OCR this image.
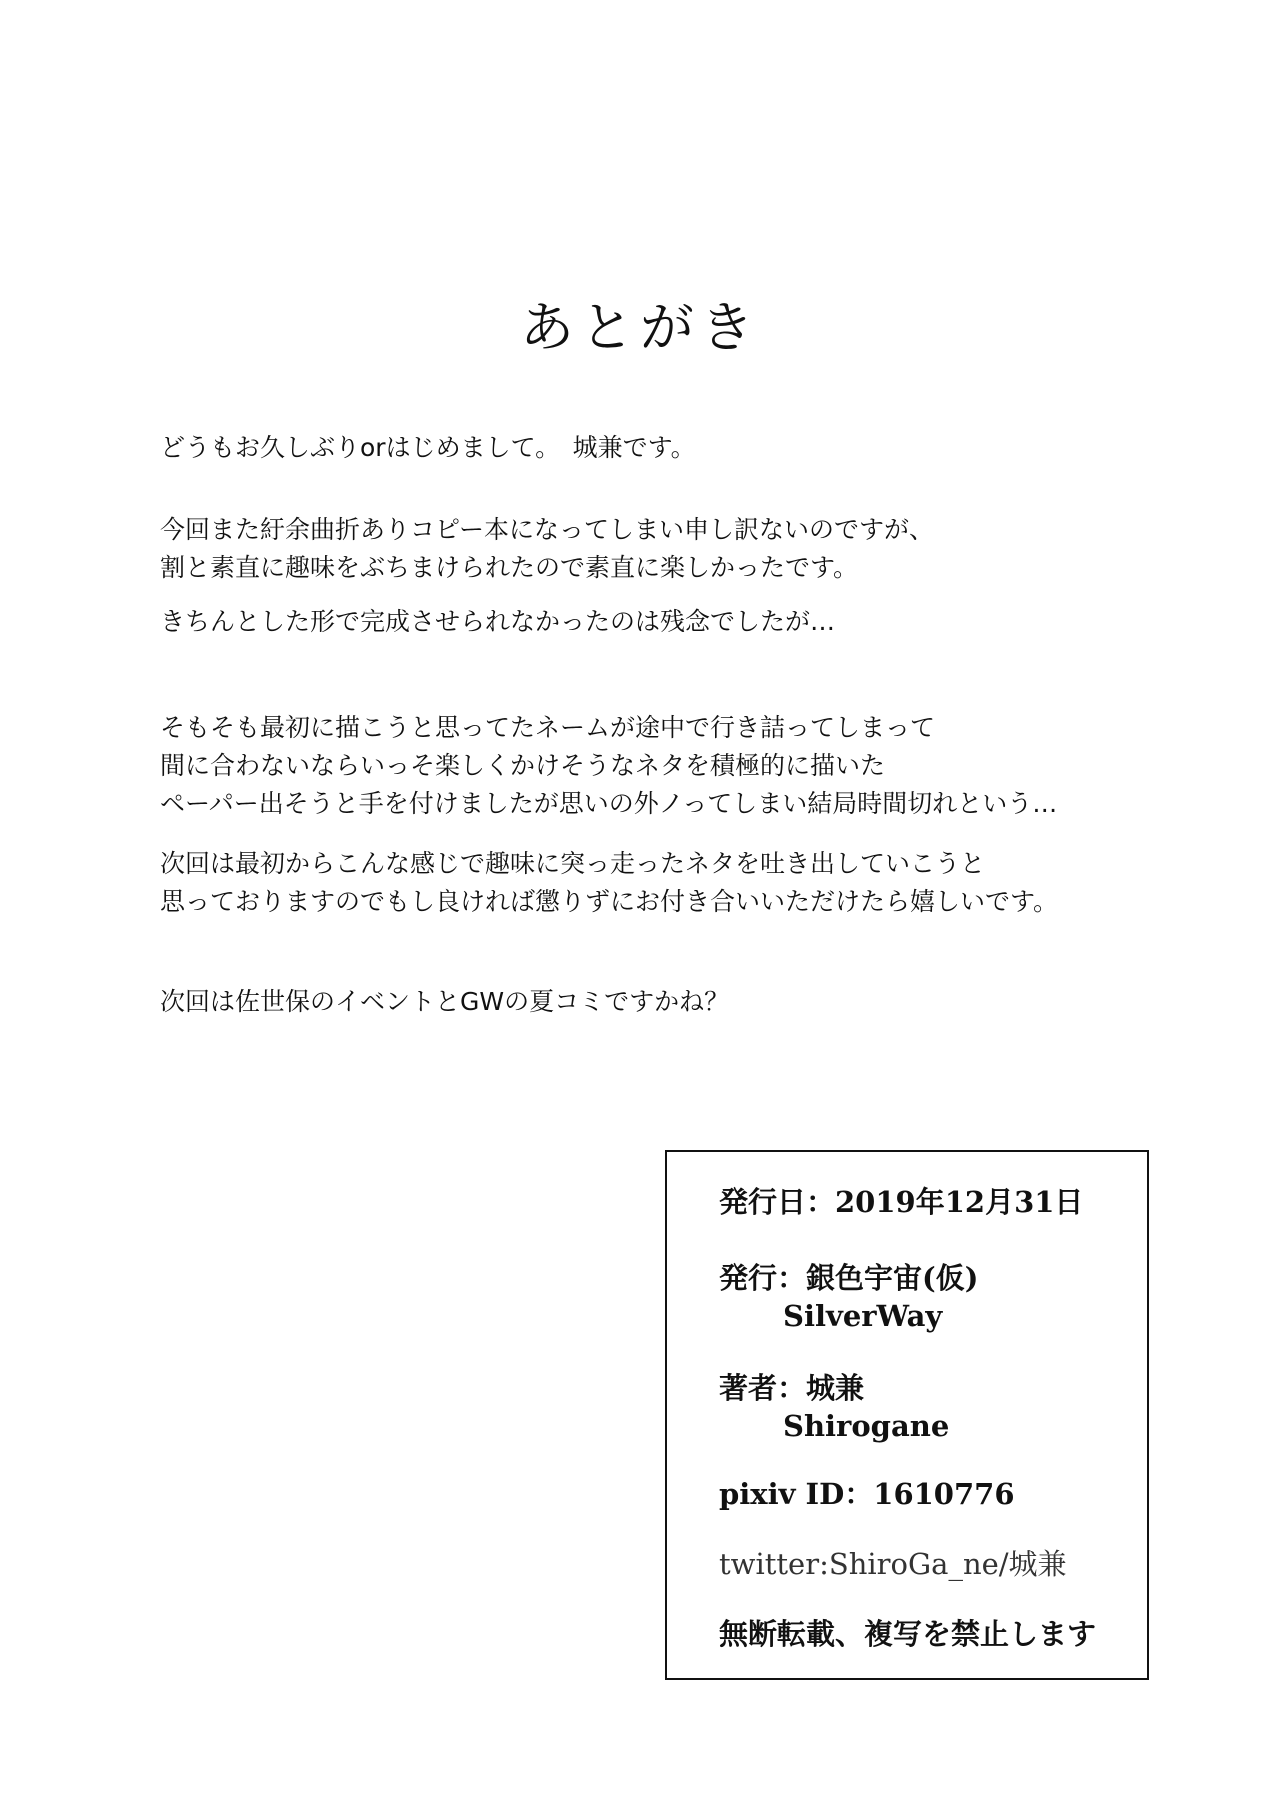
あとがき
どうもお久しぶりorはじめまして。　城兼です。
今回また紆余曲折ありコピー本になってしまい申し訳ないのですが、
割と素直に趣味をぶちまけられたので素直に楽しかったです。
きちんとした形で完成させられなかったのは残念でしたが…
そもそも最初に描こうと思ってたネームが途中で行き詰ってしまって
間に合わないならいっそ楽しくかけそうなネタを積極的に描いた
ペーパー出そうと手を付けましたが思いの外ノってしまい結局時間切れという…
次回は最初からこんな感じで趣味に突っ走ったネタを吐き出していこうと
思っておりますのでもし良ければ懲りずにお付き合いいただけたら嬉しいです。
次回は佐世保のイベントとGWの夏コミですかね？
発行日：2019年12月31日
発行：銀色宇宙(仮)
SilverWay
著者：城兼
Shirogane
pixiv ID：1610776
twitter:ShiroGa_ne/城兼
無断転載、複写を禁止します
